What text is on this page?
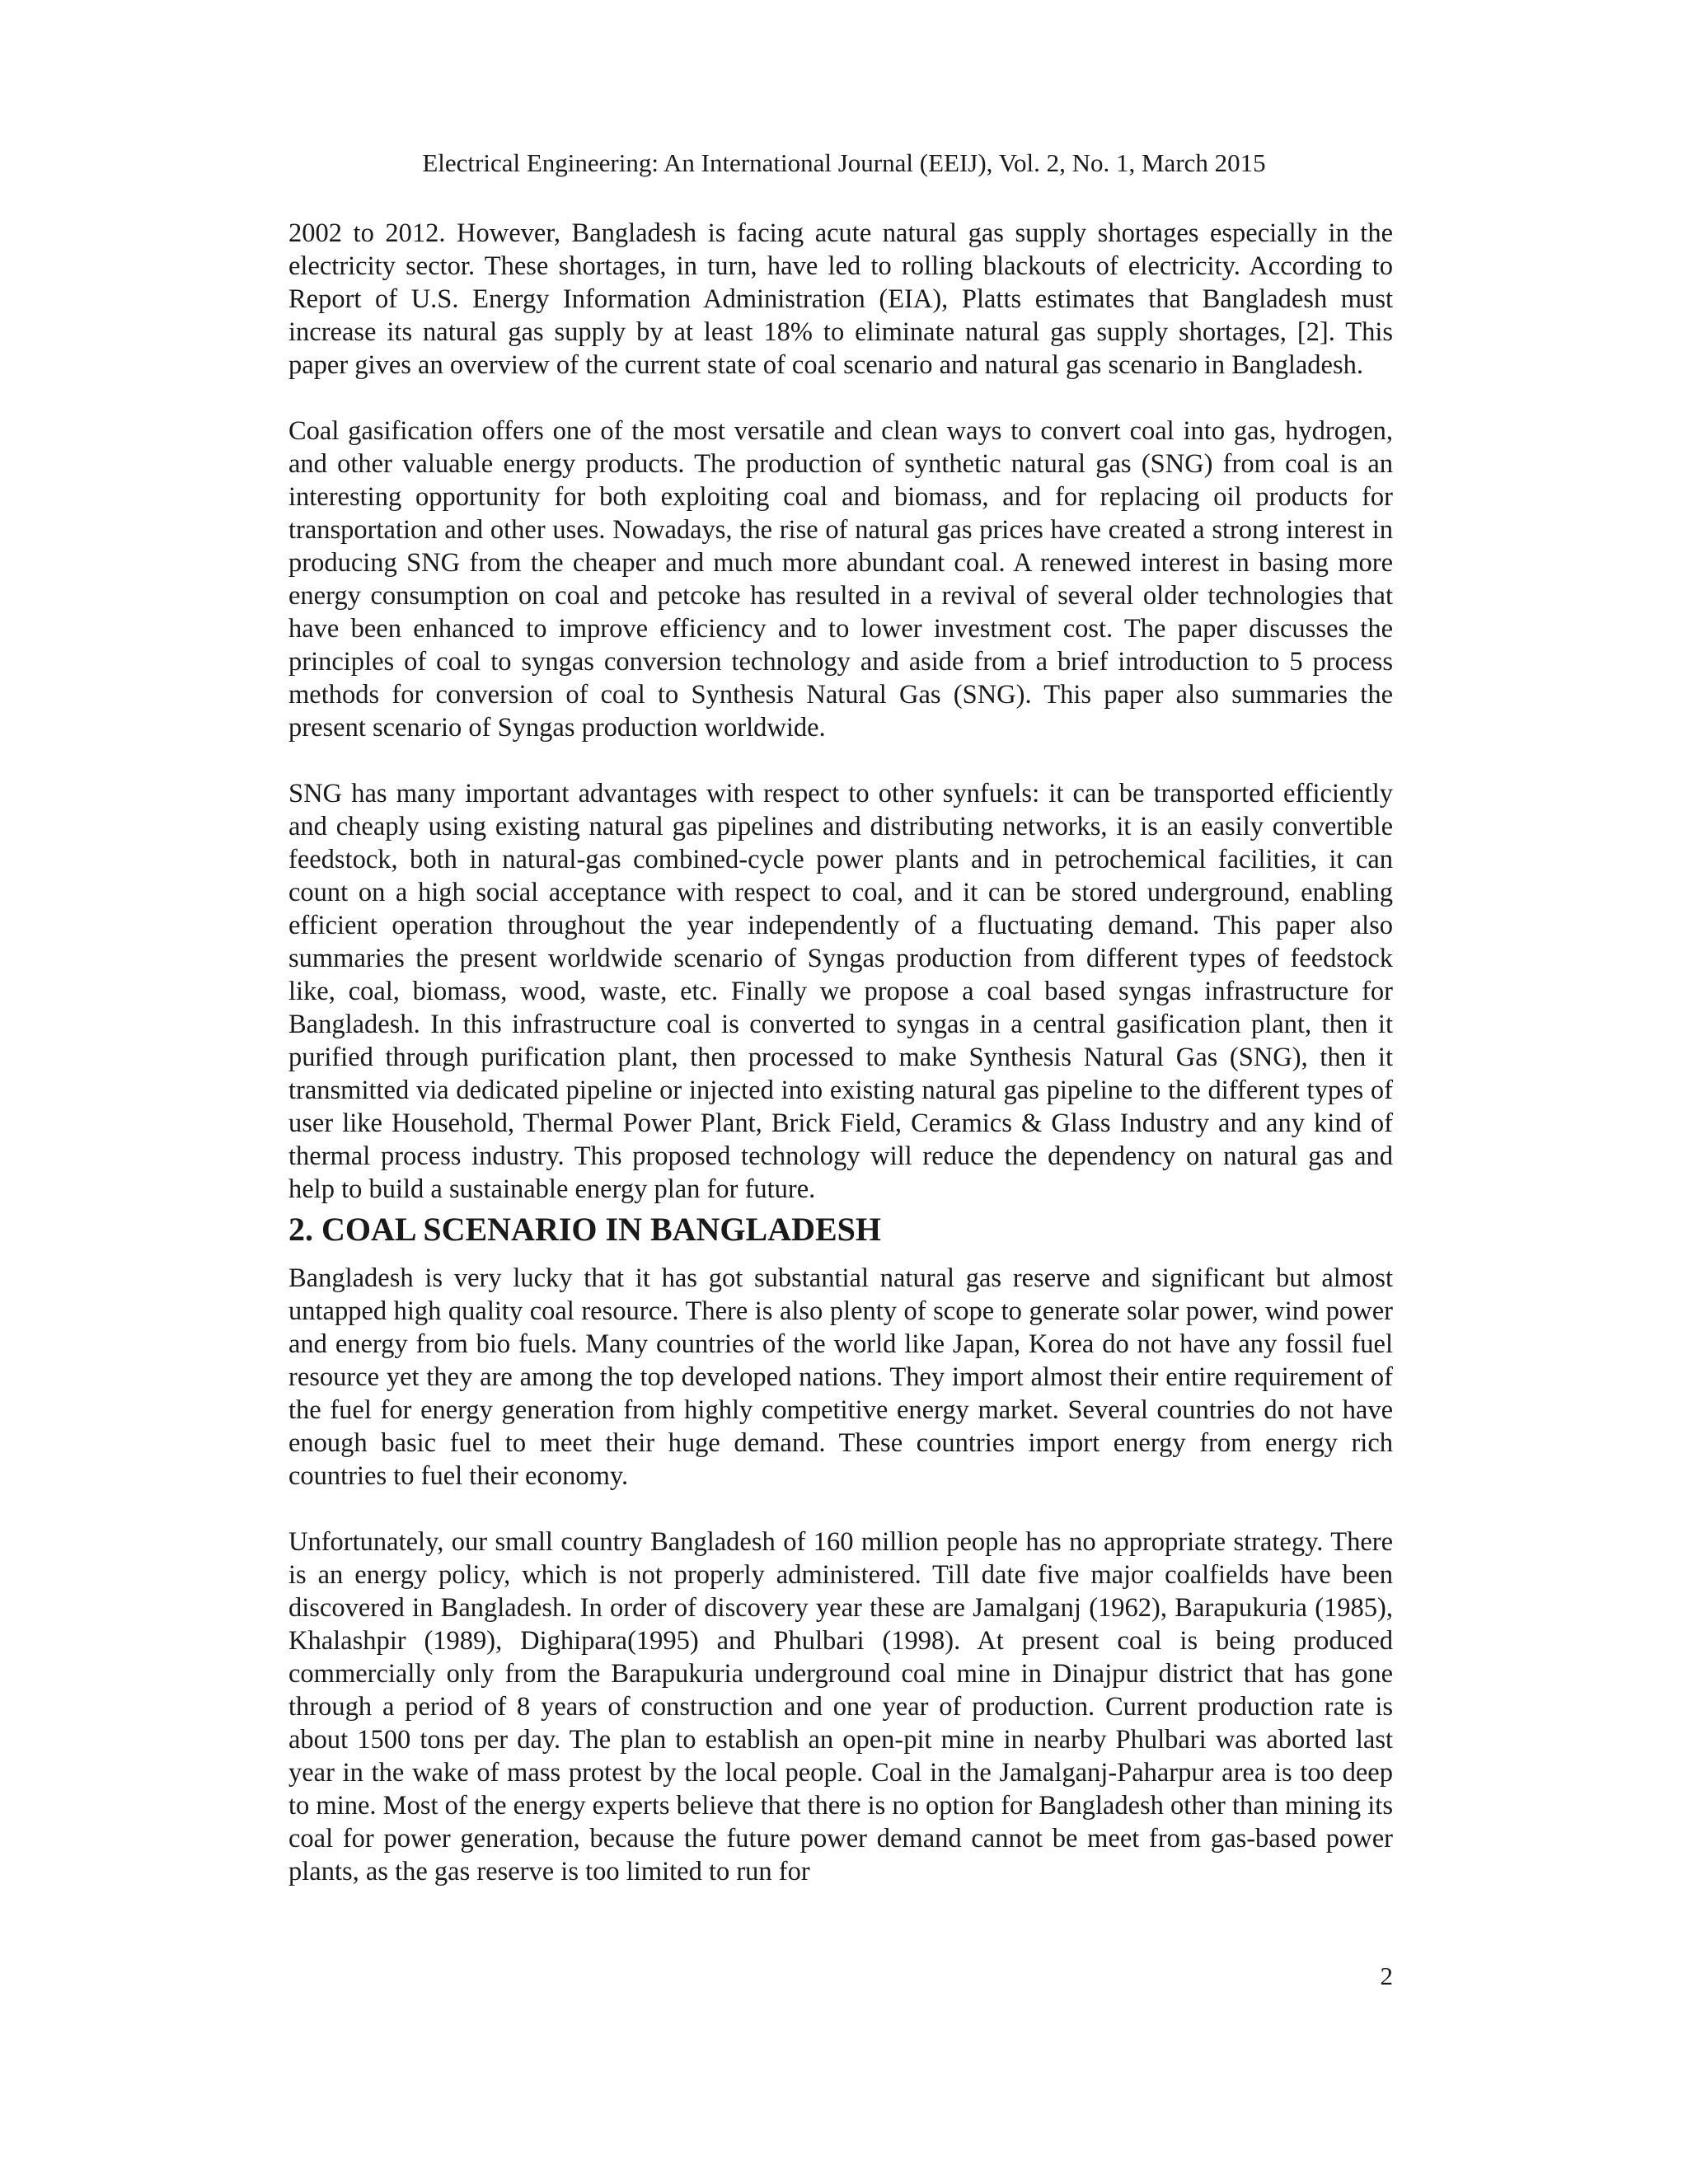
Electrical Engineering: An International Journal (EEIJ), Vol. 2, No. 1, March 2015

2002 to 2012. However, Bangladesh is facing acute natural gas supply shortages especially in the electricity sector. These shortages, in turn, have led to rolling blackouts of electricity. According to Report of U.S. Energy Information Administration (EIA), Platts estimates that Bangladesh must increase its natural gas supply by at least 18% to eliminate natural gas supply shortages, [2]. This paper gives an overview of the current state of coal scenario and natural gas scenario in Bangladesh.

Coal gasification offers one of the most versatile and clean ways to convert coal into gas, hydrogen, and other valuable energy products. The production of synthetic natural gas (SNG) from coal is an interesting opportunity for both exploiting coal and biomass, and for replacing oil products for transportation and other uses. Nowadays, the rise of natural gas prices have created a strong interest in producing SNG from the cheaper and much more abundant coal. A renewed interest in basing more energy consumption on coal and petcoke has resulted in a revival of several older technologies that have been enhanced to improve efficiency and to lower investment cost. The paper discusses the principles of coal to syngas conversion technology and aside from a brief introduction to 5 process methods for conversion of coal to Synthesis Natural Gas (SNG). This paper also summaries the present scenario of Syngas production worldwide.

SNG has many important advantages with respect to other synfuels: it can be transported efficiently and cheaply using existing natural gas pipelines and distributing networks, it is an easily convertible feedstock, both in natural-gas combined-cycle power plants and in petrochemical facilities, it can count on a high social acceptance with respect to coal, and it can be stored underground, enabling efficient operation throughout the year independently of a fluctuating demand. This paper also summaries the present worldwide scenario of Syngas production from different types of feedstock like, coal, biomass, wood, waste, etc. Finally we propose a coal based syngas infrastructure for Bangladesh. In this infrastructure coal is converted to syngas in a central gasification plant, then it purified through purification plant, then processed to make Synthesis Natural Gas (SNG), then it transmitted via dedicated pipeline or injected into existing natural gas pipeline to the different types of user like Household, Thermal Power Plant, Brick Field, Ceramics & Glass Industry and any kind of thermal process industry. This proposed technology will reduce the dependency on natural gas and help to build a sustainable energy plan for future.

2. COAL SCENARIO IN BANGLADESH

Bangladesh is very lucky that it has got substantial natural gas reserve and significant but almost untapped high quality coal resource. There is also plenty of scope to generate solar power, wind power and energy from bio fuels. Many countries of the world like Japan, Korea do not have any fossil fuel resource yet they are among the top developed nations. They import almost their entire requirement of the fuel for energy generation from highly competitive energy market. Several countries do not have enough basic fuel to meet their huge demand. These countries import energy from energy rich countries to fuel their economy.

Unfortunately, our small country Bangladesh of 160 million people has no appropriate strategy. There is an energy policy, which is not properly administered. Till date five major coalfields have been discovered in Bangladesh. In order of discovery year these are Jamalganj (1962), Barapukuria (1985), Khalashpir (1989), Dighipara(1995) and Phulbari (1998). At present coal is being produced commercially only from the Barapukuria underground coal mine in Dinajpur district that has gone through a period of 8 years of construction and one year of production. Current production rate is about 1500 tons per day. The plan to establish an open-pit mine in nearby Phulbari was aborted last year in the wake of mass protest by the local people. Coal in the Jamalganj-Paharpur area is too deep to mine. Most of the energy experts believe that there is no option for Bangladesh other than mining its coal for power generation, because the future power demand cannot be meet from gas-based power plants, as the gas reserve is too limited to run for

2
